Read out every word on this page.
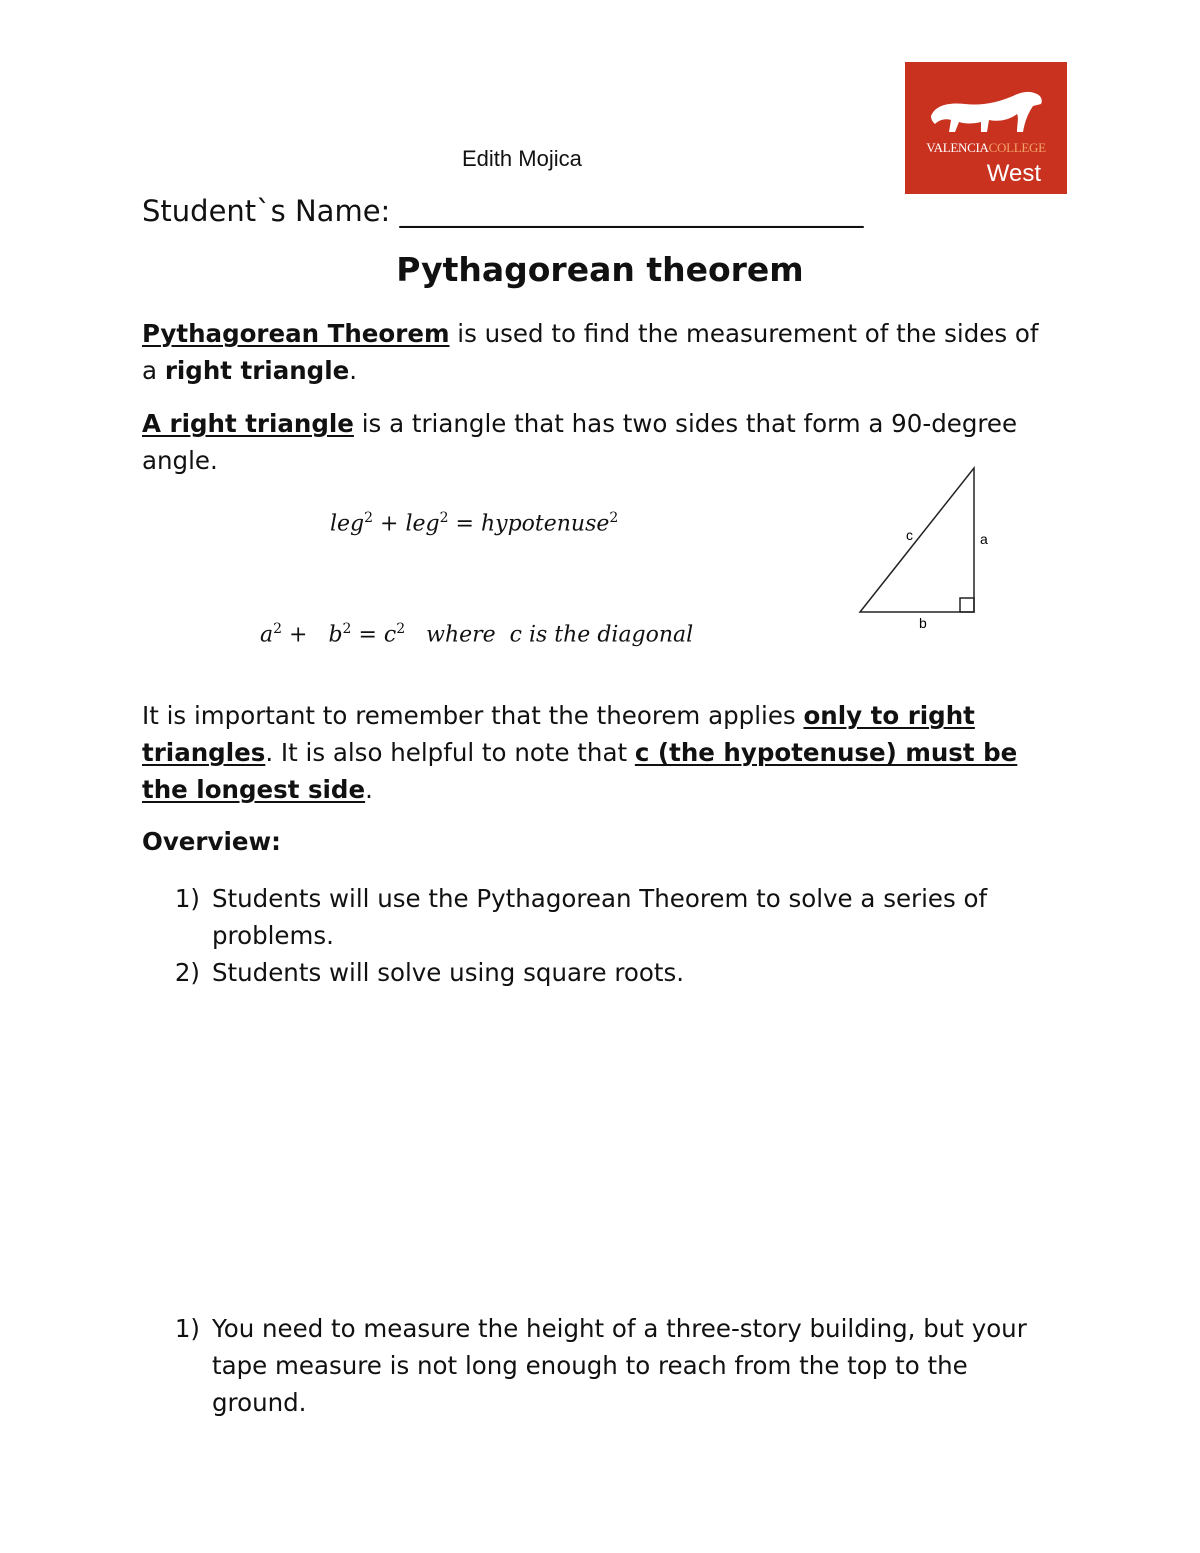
Edith Mojica	VALENCIACOLLEGE
West
Student`s Name: ________________________________
Pythagorean theorem
Pythagorean Theorem is used to find the measurement of the sides of a right triangle.
A right triangle is a triangle that has two sides that form a 90-degree angle.
leg$^2$ + leg$^2$ = hypotenuse$^2$

$a^2 + b^2 = c^2$   where  c is the diagonal

c	a
b
It is important to remember that the theorem applies only to right triangles. It is also helpful to note that c (the hypotenuse) must be the longest side.
Overview:
1) Students will use the Pythagorean Theorem to solve a series of problems.
2) Students will solve using square roots.
1) You need to measure the height of a three-story building, but your tape measure is not long enough to reach from the top to the ground.
